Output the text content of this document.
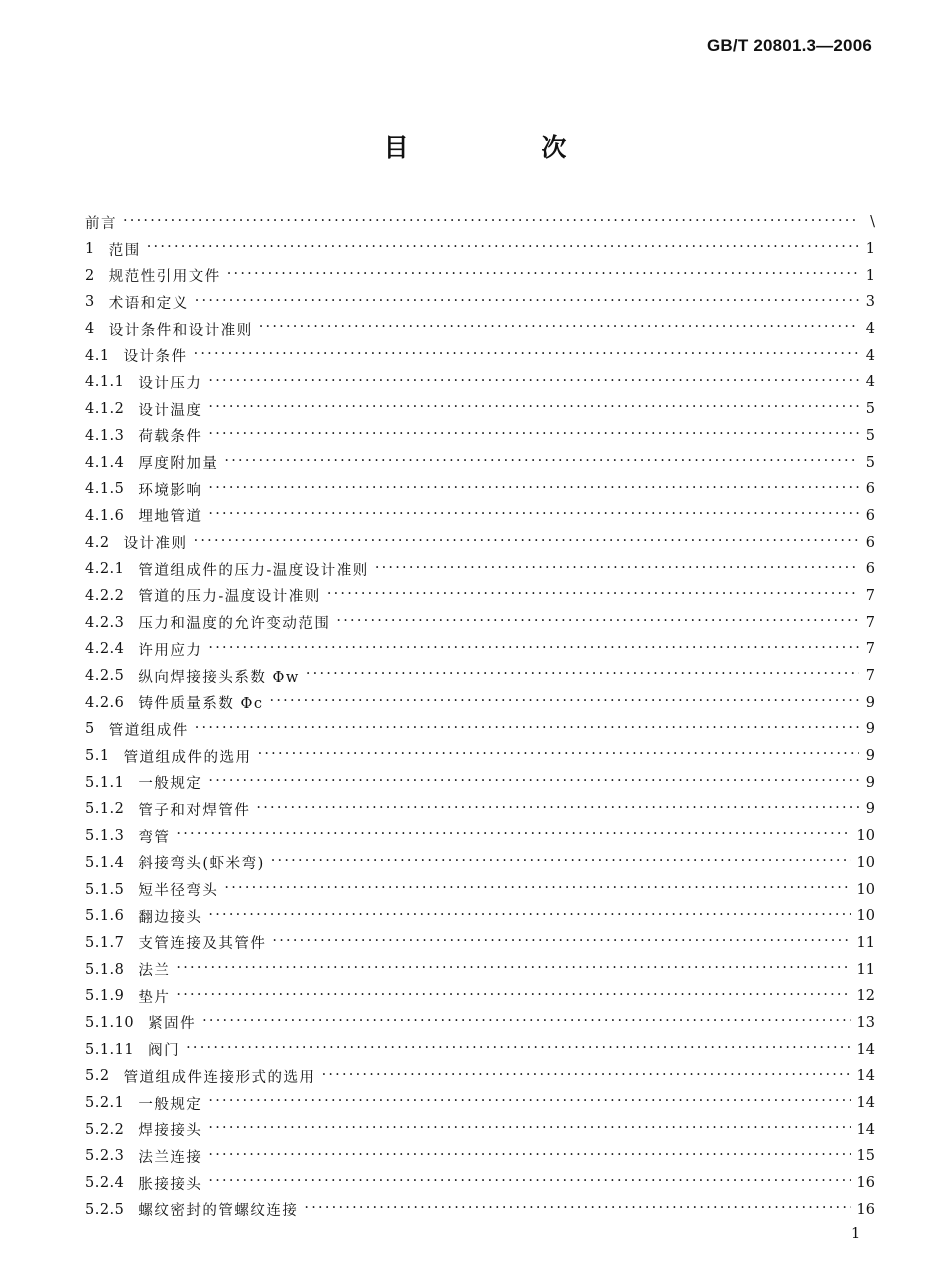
GB/T 20801.3—2006
目 次
前言 ·····	\
1 范围 ·····	1
2 规范性引用文件 ·····	1
3 术语和定义 ·····	3
4 设计条件和设计准则 ·····	4
4.1 设计条件 ·····	4
4.1.1 设计压力 ·····	4
4.1.2 设计温度 ·····	5
4.1.3 荷载条件 ·····	5
4.1.4 厚度附加量 ·····	5
4.1.5 环境影响 ·····	6
4.1.6 埋地管道 ·····	6
4.2 设计准则 ·····	6
4.2.1 管道组成件的压力-温度设计准则 ·····	6
4.2.2 管道的压力-温度设计准则 ·····	7
4.2.3 压力和温度的允许变动范围 ·····	7
4.2.4 许用应力 ·····	7
4.2.5 纵向焊接接头系数 Φw ·····	7
4.2.6 铸件质量系数 Φc ·····	9
5 管道组成件 ·····	9
5.1 管道组成件的选用 ·····	9
5.1.1 一般规定 ·····	9
5.1.2 管子和对焊管件 ·····	9
5.1.3 弯管 ·····	10
5.1.4 斜接弯头(虾米弯) ·····	10
5.1.5 短半径弯头 ·····	10
5.1.6 翻边接头 ·····	10
5.1.7 支管连接及其管件 ·····	11
5.1.8 法兰 ·····	11
5.1.9 垫片 ·····	12
5.1.10 紧固件 ·····	13
5.1.11 阀门 ·····	14
5.2 管道组成件连接形式的选用 ·····	14
5.2.1 一般规定 ·····	14
5.2.2 焊接接头 ·····	14
5.2.3 法兰连接 ·····	15
5.2.4 胀接接头 ·····	16
5.2.5 螺纹密封的管螺纹连接 ·····	16
1
